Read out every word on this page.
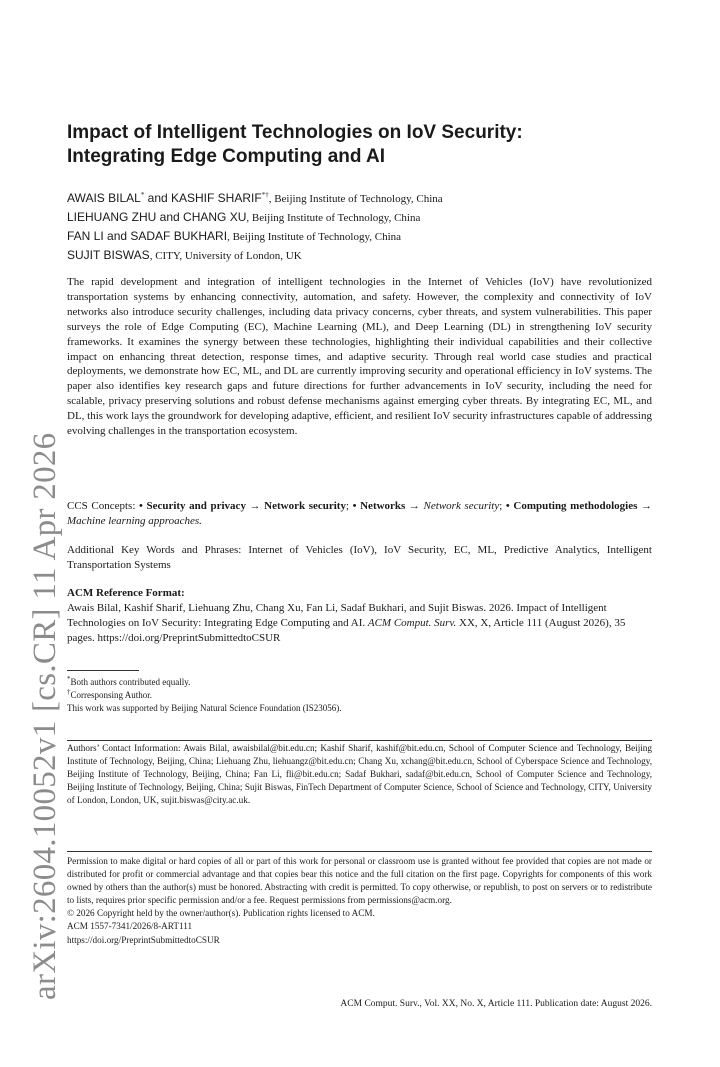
arXiv:2604.10052v1 [cs.CR] 11 Apr 2026
Impact of Intelligent Technologies on IoV Security:
Integrating Edge Computing and AI
AWAIS BILAL* and KASHIF SHARIF*†, Beijing Institute of Technology, China
LIEHUANG ZHU and CHANG XU, Beijing Institute of Technology, China
FAN LI and SADAF BUKHARI, Beijing Institute of Technology, China
SUJIT BISWAS, CITY, University of London, UK

The rapid development and integration of intelligent technologies in the Internet of Vehicles (IoV) have revolutionized transportation systems by enhancing connectivity, automation, and safety. However, the complexity and connectivity of IoV networks also introduce security challenges, including data privacy concerns, cyber threats, and system vulnerabilities. This paper surveys the role of Edge Computing (EC), Machine Learning (ML), and Deep Learning (DL) in strengthening IoV security frameworks. It examines the synergy between these technologies, highlighting their individual capabilities and their collective impact on enhancing threat detection, response times, and adaptive security. Through real world case studies and practical deployments, we demonstrate how EC, ML, and DL are currently improving security and operational efficiency in IoV systems. The paper also identifies key research gaps and future directions for further advancements in IoV security, including the need for scalable, privacy preserving solutions and robust defense mechanisms against emerging cyber threats. By integrating EC, ML, and DL, this work lays the groundwork for developing adaptive, efficient, and resilient IoV security infrastructures capable of addressing evolving challenges in the transportation ecosystem.

CCS Concepts: • Security and privacy → Network security; • Networks → Network security; • Computing methodologies → Machine learning approaches.

Additional Key Words and Phrases: Internet of Vehicles (IoV), IoV Security, EC, ML, Predictive Analytics, Intelligent Transportation Systems

ACM Reference Format:
Awais Bilal, Kashif Sharif, Liehuang Zhu, Chang Xu, Fan Li, Sadaf Bukhari, and Sujit Biswas. 2026. Impact of Intelligent Technologies on IoV Security: Integrating Edge Computing and AI. ACM Comput. Surv. XX, X, Article 111 (August 2026), 35 pages. https://doi.org/PreprintSubmittedtoCSUR

*Both authors contributed equally.
†Corresponsing Author.
This work was supported by Beijing Natural Science Foundation (IS23056).

Authors’ Contact Information: Awais Bilal, awaisbilal@bit.edu.cn; Kashif Sharif, kashif@bit.edu.cn, School of Computer Science and Technology, Beijing Institute of Technology, Beijing, China; Liehuang Zhu, liehuangz@bit.edu.cn; Chang Xu, xchang@bit.edu.cn, School of Cyberspace Science and Technology, Beijing Institute of Technology, Beijing, China; Fan Li, fli@bit.edu.cn; Sadaf Bukhari, sadaf@bit.edu.cn, School of Computer Science and Technology, Beijing Institute of Technology, Beijing, China; Sujit Biswas, FinTech Department of Computer Science, School of Science and Technology, CITY, University of London, London, UK, sujit.biswas@city.ac.uk.

Permission to make digital or hard copies of all or part of this work for personal or classroom use is granted without fee provided that copies are not made or distributed for profit or commercial advantage and that copies bear this notice and the full citation on the first page. Copyrights for components of this work owned by others than the author(s) must be honored. Abstracting with credit is permitted. To copy otherwise, or republish, to post on servers or to redistribute to lists, requires prior specific permission and/or a fee. Request permissions from permissions@acm.org.
© 2026 Copyright held by the owner/author(s). Publication rights licensed to ACM.
ACM 1557-7341/2026/8-ART111
https://doi.org/PreprintSubmittedtoCSUR
ACM Comput. Surv., Vol. XX, No. X, Article 111. Publication date: August 2026.
